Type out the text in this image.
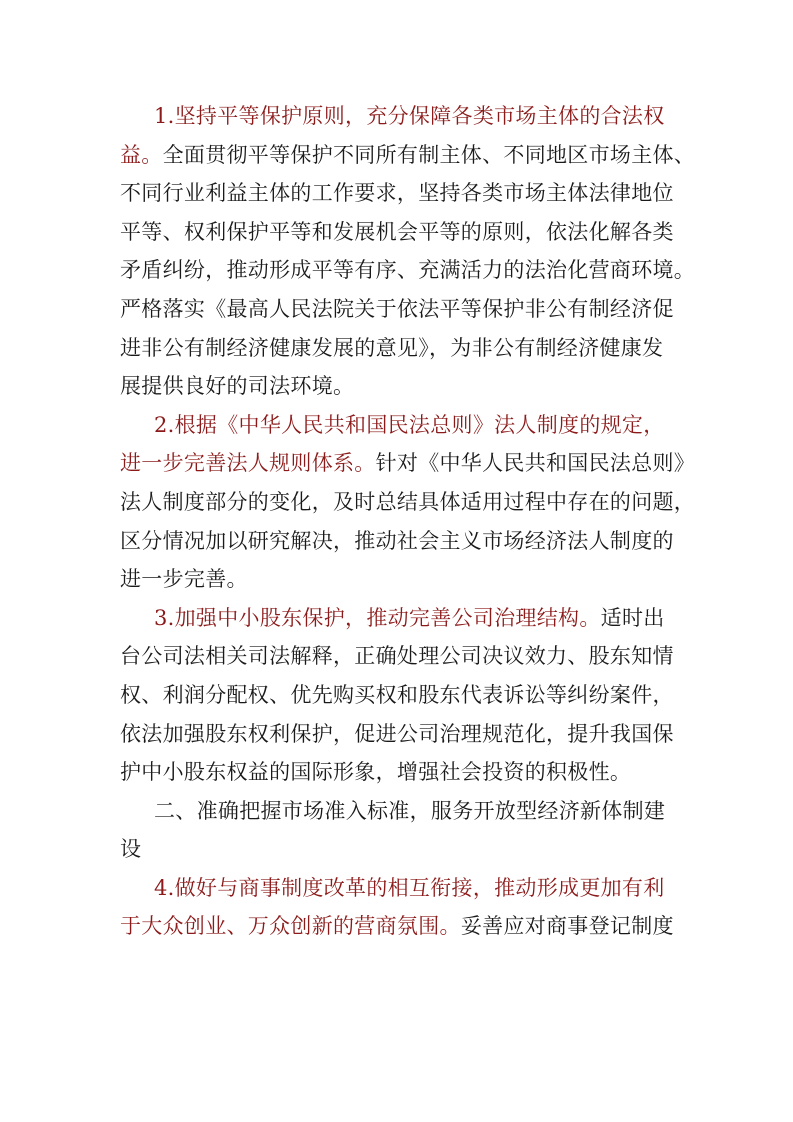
1.坚持平等保护原则，充分保障各类市场主体的合法权
益。全面贯彻平等保护不同所有制主体、不同地区市场主体、
不同行业利益主体的工作要求，坚持各类市场主体法律地位
平等、权利保护平等和发展机会平等的原则，依法化解各类
矛盾纠纷，推动形成平等有序、充满活力的法治化营商环境。
严格落实《最高人民法院关于依法平等保护非公有制经济促
进非公有制经济健康发展的意见》，为非公有制经济健康发
展提供良好的司法环境。
2.根据《中华人民共和国民法总则》法人制度的规定，
进一步完善法人规则体系。针对《中华人民共和国民法总则》
法人制度部分的变化，及时总结具体适用过程中存在的问题，
区分情况加以研究解决，推动社会主义市场经济法人制度的
进一步完善。
3.加强中小股东保护，推动完善公司治理结构。适时出
台公司法相关司法解释，正确处理公司决议效力、股东知情
权、利润分配权、优先购买权和股东代表诉讼等纠纷案件，
依法加强股东权利保护，促进公司治理规范化，提升我国保
护中小股东权益的国际形象，增强社会投资的积极性。
二、准确把握市场准入标准，服务开放型经济新体制建
设
4.做好与商事制度改革的相互衔接，推动形成更加有利
于大众创业、万众创新的营商氛围。妥善应对商事登记制度
